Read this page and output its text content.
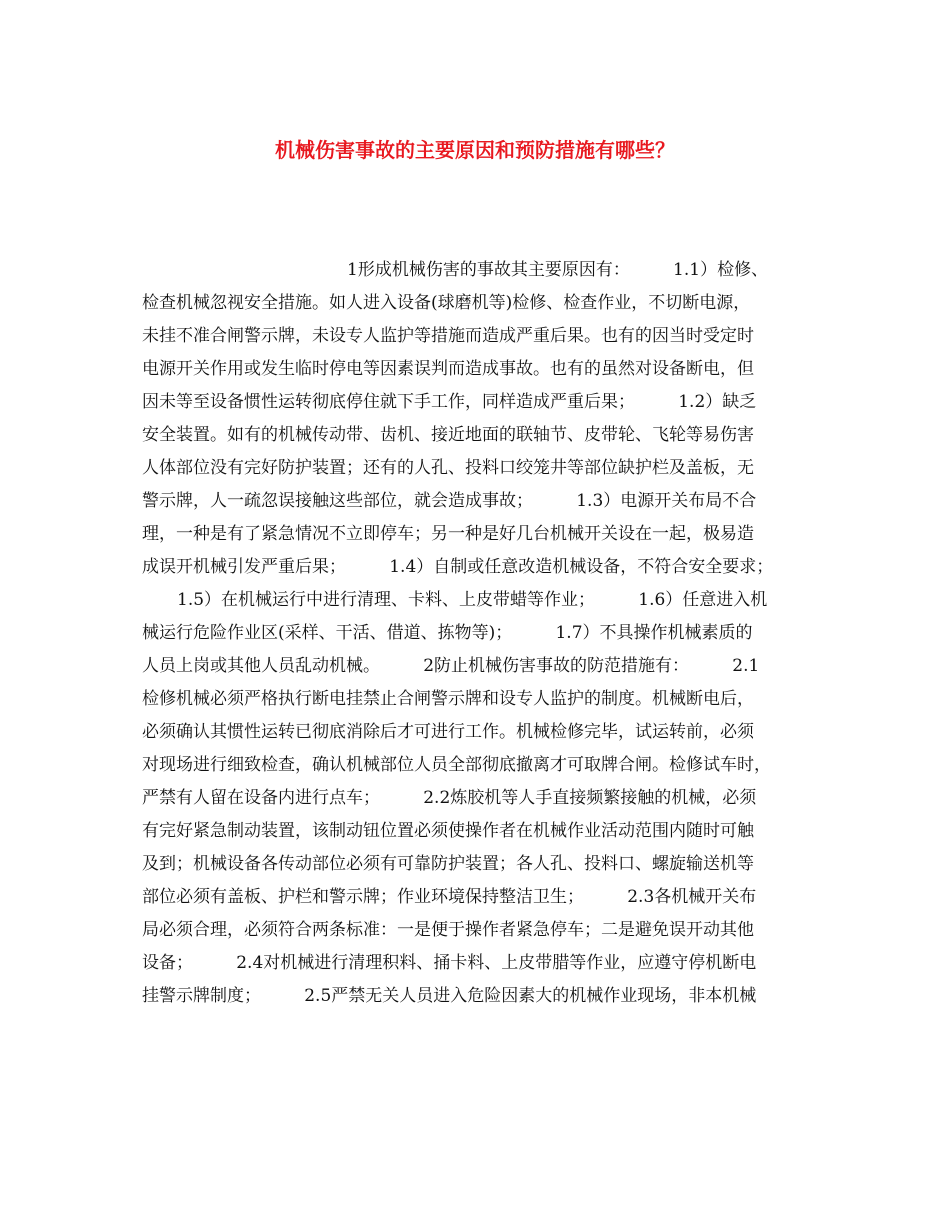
机械伤害事故的主要原因和预防措施有哪些？
1形成机械伤害的事故其主要原因有：        1.1）检修、
检查机械忽视安全措施。如人进入设备(球磨机等)检修、检查作业，不切断电源，
未挂不准合闸警示牌，未设专人监护等措施而造成严重后果。也有的因当时受定时
电源开关作用或发生临时停电等因素误判而造成事故。也有的虽然对设备断电，但
因未等至设备惯性运转彻底停住就下手工作，同样造成严重后果；        1.2）缺乏
安全装置。如有的机械传动带、齿机、接近地面的联轴节、皮带轮、飞轮等易伤害
人体部位没有完好防护装置；还有的人孔、投料口绞笼井等部位缺护栏及盖板，无
警示牌，人一疏忽误接触这些部位，就会造成事故；        1.3）电源开关布局不合
理，一种是有了紧急情况不立即停车；另一种是好几台机械开关设在一起，极易造
成误开机械引发严重后果；        1.4）自制或任意改造机械设备，不符合安全要求；
1.5）在机械运行中进行清理、卡料、上皮带蜡等作业；        1.6）任意进入机
械运行危险作业区(采样、干活、借道、拣物等)；        1.7）不具操作机械素质的
人员上岗或其他人员乱动机械。        2防止机械伤害事故的防范措施有：        2.1
检修机械必须严格执行断电挂禁止合闸警示牌和设专人监护的制度。机械断电后，
必须确认其惯性运转已彻底消除后才可进行工作。机械检修完毕，试运转前，必须
对现场进行细致检查，确认机械部位人员全部彻底撤离才可取牌合闸。检修试车时，
严禁有人留在设备内进行点车；        2.2炼胶机等人手直接频繁接触的机械，必须
有完好紧急制动装置，该制动钮位置必须使操作者在机械作业活动范围内随时可触
及到；机械设备各传动部位必须有可靠防护装置；各人孔、投料口、螺旋输送机等
部位必须有盖板、护栏和警示牌；作业环境保持整洁卫生；        2.3各机械开关布
局必须合理，必须符合两条标准：一是便于操作者紧急停车；二是避免误开动其他
设备；        2.4对机械进行清理积料、捅卡料、上皮带腊等作业，应遵守停机断电
挂警示牌制度；        2.5严禁无关人员进入危险因素大的机械作业现场，非本机械
